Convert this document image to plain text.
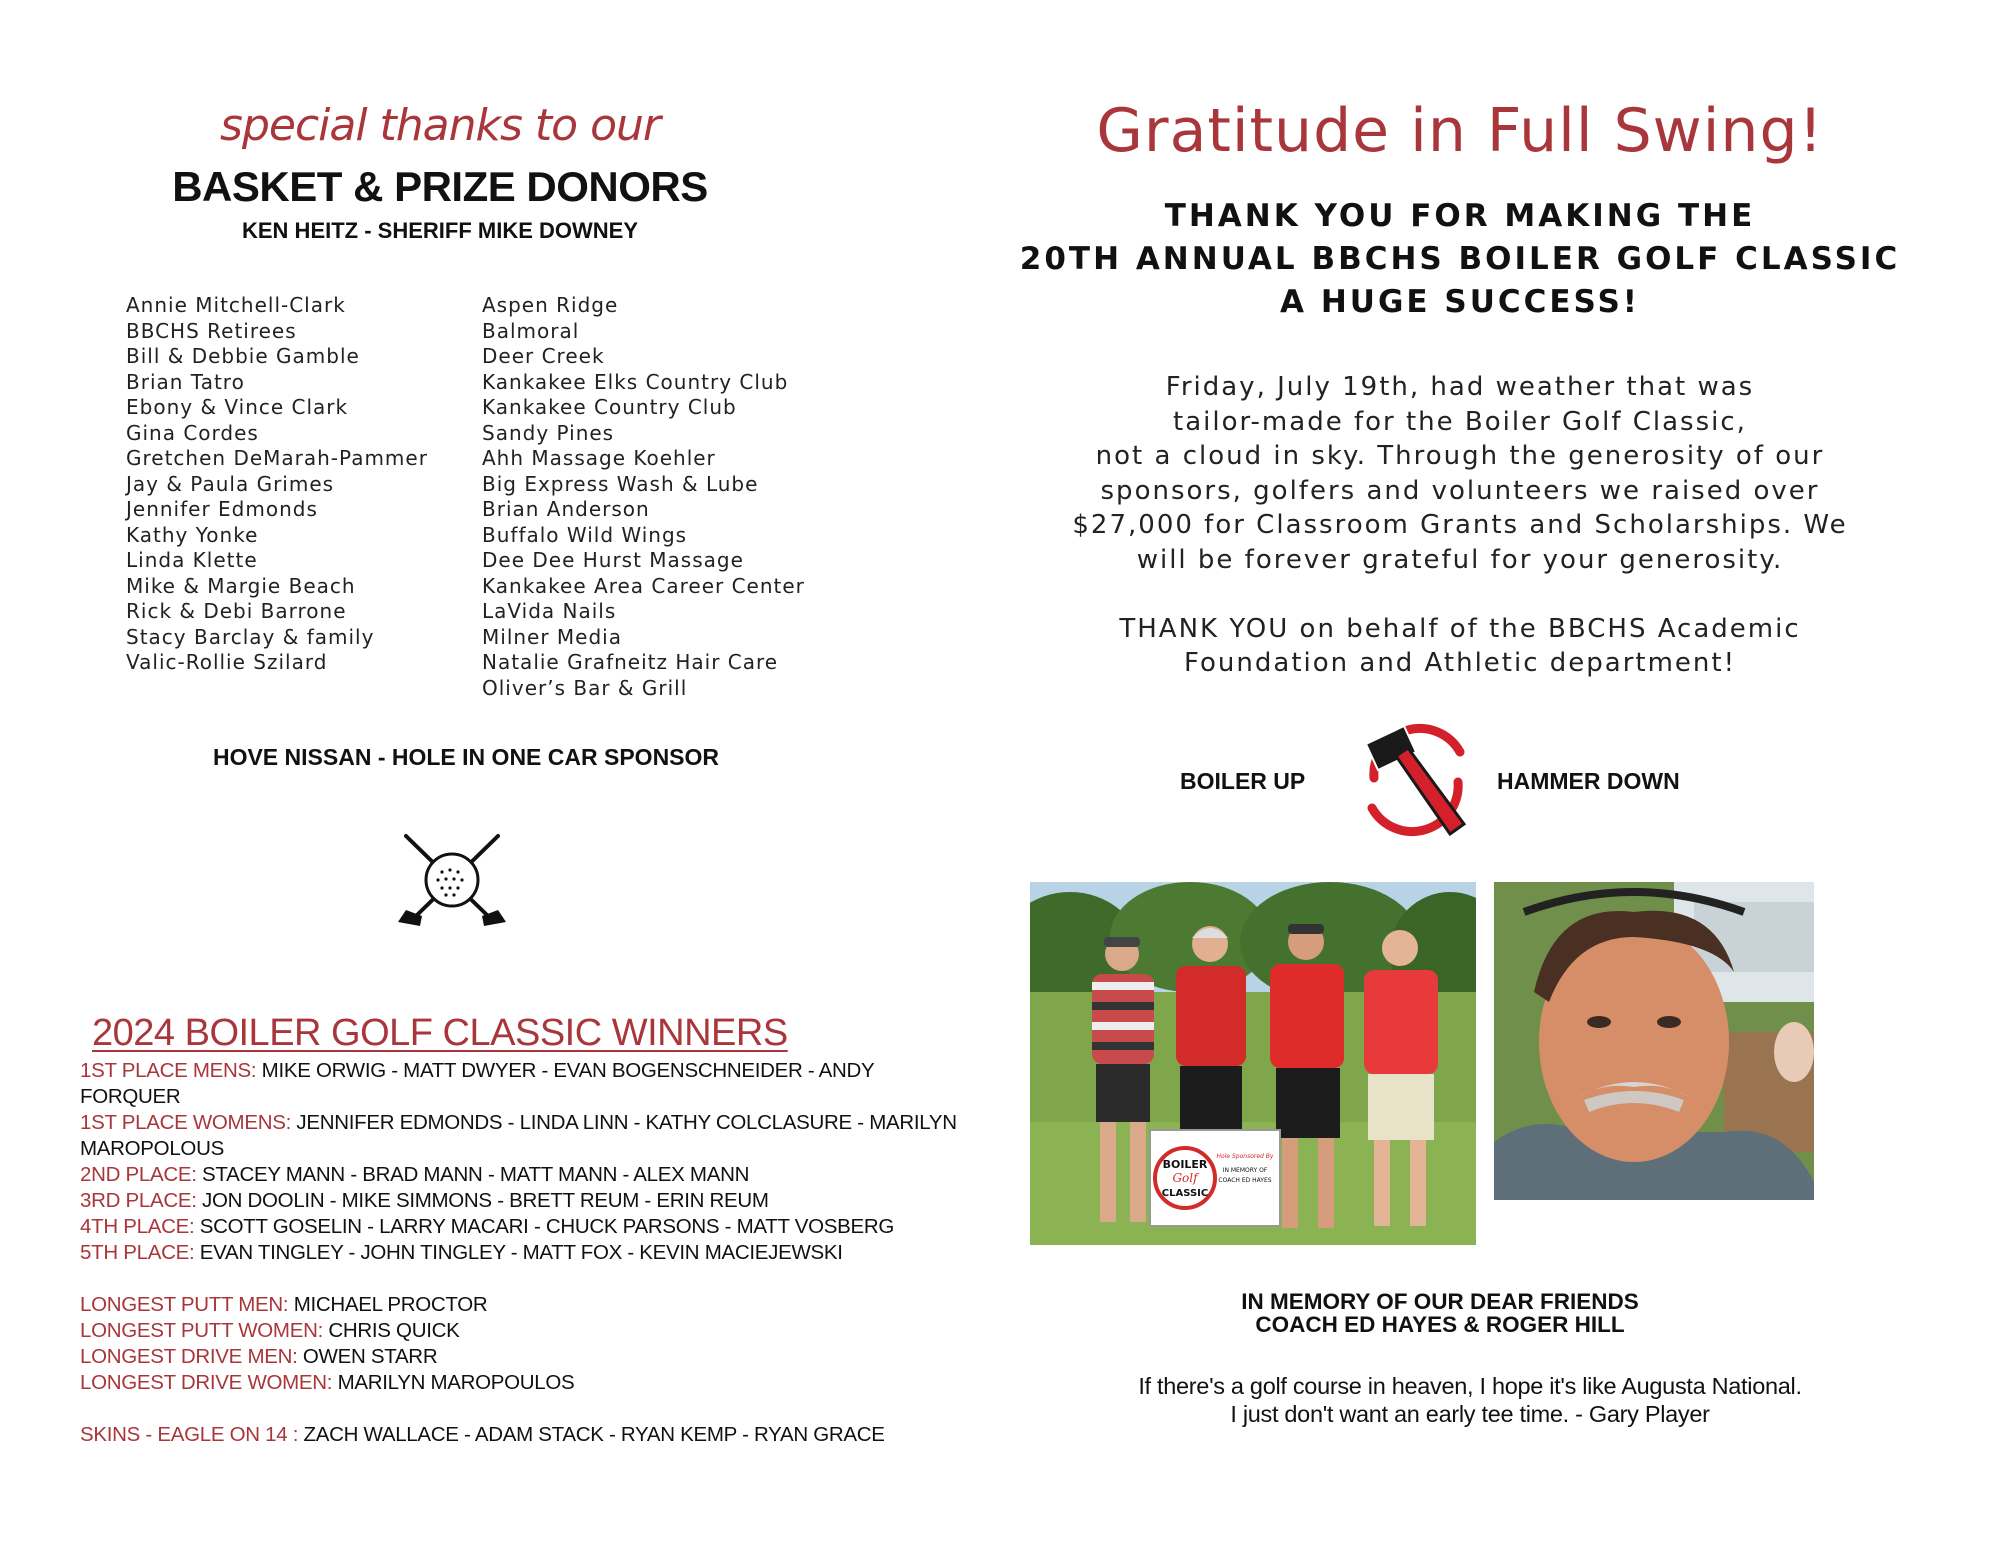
special thanks to our
BASKET & PRIZE DONORS
KEN HEITZ - SHERIFF MIKE DOWNEY
Annie Mitchell-Clark
BBCHS Retirees
Bill & Debbie Gamble
Brian Tatro
Ebony & Vince Clark
Gina Cordes
Gretchen DeMarah-Pammer
Jay & Paula Grimes
Jennifer Edmonds
Kathy Yonke
Linda Klette
Mike & Margie Beach
Rick & Debi Barrone
Stacy Barclay & family
Valic-Rollie Szilard
Aspen Ridge
Balmoral
Deer Creek
Kankakee Elks Country Club
Kankakee Country Club
Sandy Pines
Ahh Massage Koehler
Big Express Wash & Lube
Brian Anderson
Buffalo Wild Wings
Dee Dee Hurst Massage
Kankakee Area Career Center
LaVida Nails
Milner Media
Natalie Grafneitz Hair Care
Oliver’s Bar & Grill
HOVE NISSAN - HOLE IN ONE CAR SPONSOR
2024 BOILER GOLF CLASSIC WINNERS

1ST PLACE MENS: MIKE ORWIG - MATT DWYER - EVAN BOGENSCHNEIDER - ANDY FORQUER

1ST PLACE WOMENS: JENNIFER EDMONDS - LINDA LINN - KATHY COLCLASURE - MARILYN MAROPOLOUS

2ND PLACE: STACEY MANN - BRAD MANN - MATT MANN - ALEX MANN

3RD PLACE: JON DOOLIN - MIKE SIMMONS - BRETT REUM - ERIN REUM

4TH PLACE: SCOTT GOSELIN - LARRY MACARI - CHUCK PARSONS - MATT VOSBERG

5TH PLACE: EVAN TINGLEY - JOHN TINGLEY - MATT FOX - KEVIN MACIEJEWSKI

LONGEST PUTT MEN: MICHAEL PROCTOR

LONGEST PUTT WOMEN: CHRIS QUICK

LONGEST DRIVE MEN: OWEN STARR

LONGEST DRIVE WOMEN: MARILYN MAROPOULOS

SKINS - EAGLE ON 14 : ZACH WALLACE - ADAM STACK - RYAN KEMP - RYAN GRACE

Gratitude in Full Swing!
THANK YOU FOR MAKING THE
20TH ANNUAL BBCHS BOILER GOLF CLASSIC
A HUGE SUCCESS!
Friday, July 19th, had weather that was
tailor-made for the Boiler Golf Classic,
not a cloud in sky. Through the generosity of our
sponsors, golfers and volunteers we raised over
$27,000 for Classroom Grants and Scholarships. We
will be forever grateful for your generosity.
THANK YOU on behalf of the BBCHS Academic
Foundation and Athletic department!
BOILER UP	HAMMER DOWN
BOILER
Golf
CLASSIC
Hole Sponsored By
IN MEMORY OF
COACH ED HAYES
IN MEMORY OF OUR DEAR FRIENDS
COACH ED HAYES & ROGER HILL
If there's a golf course in heaven, I hope it's like Augusta National.
I just don't want an early tee time. - Gary Player
